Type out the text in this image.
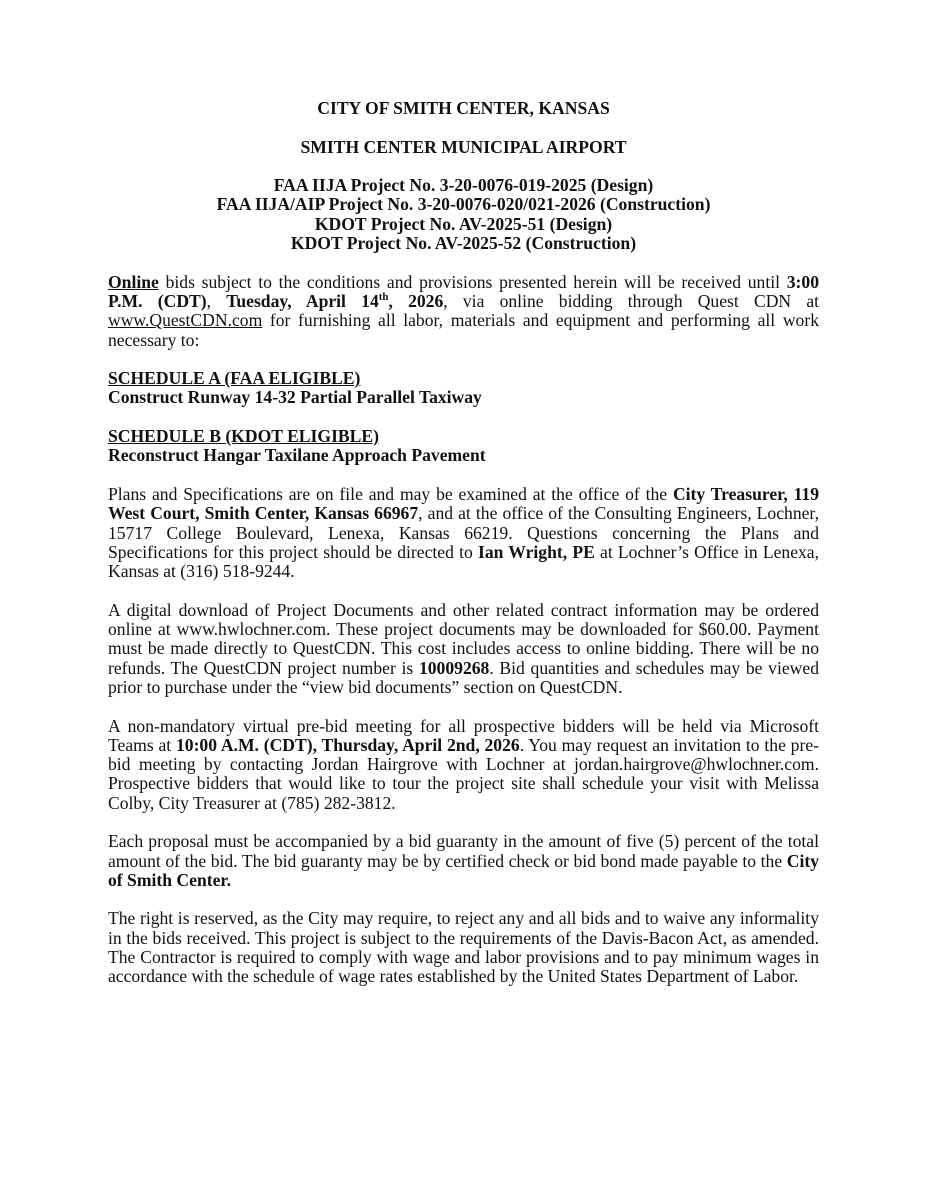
CITY OF SMITH CENTER, KANSAS

SMITH CENTER MUNICIPAL AIRPORT

FAA IIJA Project No. 3-20-0076-019-2025 (Design)

FAA IIJA/AIP Project No. 3-20-0076-020/021-2026 (Construction)

KDOT Project No. AV-2025-51 (Design)

KDOT Project No. AV-2025-52 (Construction)

Online bids subject to the conditions and provisions presented herein will be received until 3:00 P.M. (CDT), Tuesday, April 14th, 2026, via online bidding through Quest CDN at www.QuestCDN.com for furnishing all labor, materials and equipment and performing all work necessary to:

SCHEDULE A (FAA ELIGIBLE)

Construct Runway 14-32 Partial Parallel Taxiway

SCHEDULE B (KDOT ELIGIBLE)

Reconstruct Hangar Taxilane Approach Pavement

Plans and Specifications are on file and may be examined at the office of the City Treasurer, 119 West Court, Smith Center, Kansas 66967, and at the office of the Consulting Engineers, Lochner, 15717 College Boulevard, Lenexa, Kansas 66219. Questions concerning the Plans and Specifications for this project should be directed to Ian Wright, PE at Lochner’s Office in Lenexa, Kansas at (316) 518-9244.

A digital download of Project Documents and other related contract information may be ordered online at www.hwlochner.com. These project documents may be downloaded for $60.00. Payment must be made directly to QuestCDN. This cost includes access to online bidding. There will be no refunds. The QuestCDN project number is 10009268. Bid quantities and schedules may be viewed prior to purchase under the “view bid documents” section on QuestCDN.

A non-mandatory virtual pre-bid meeting for all prospective bidders will be held via Microsoft Teams at 10:00 A.M. (CDT), Thursday, April 2nd, 2026. You may request an invitation to the pre-bid meeting by contacting Jordan Hairgrove with Lochner at jordan.hairgrove@hwlochner.com. Prospective bidders that would like to tour the project site shall schedule your visit with Melissa Colby, City Treasurer at (785) 282-3812.

Each proposal must be accompanied by a bid guaranty in the amount of five (5) percent of the total amount of the bid. The bid guaranty may be by certified check or bid bond made payable to the City of Smith Center.

The right is reserved, as the City may require, to reject any and all bids and to waive any informality in the bids received. This project is subject to the requirements of the Davis-Bacon Act, as amended. The Contractor is required to comply with wage and labor provisions and to pay minimum wages in accordance with the schedule of wage rates established by the United States Department of Labor.
